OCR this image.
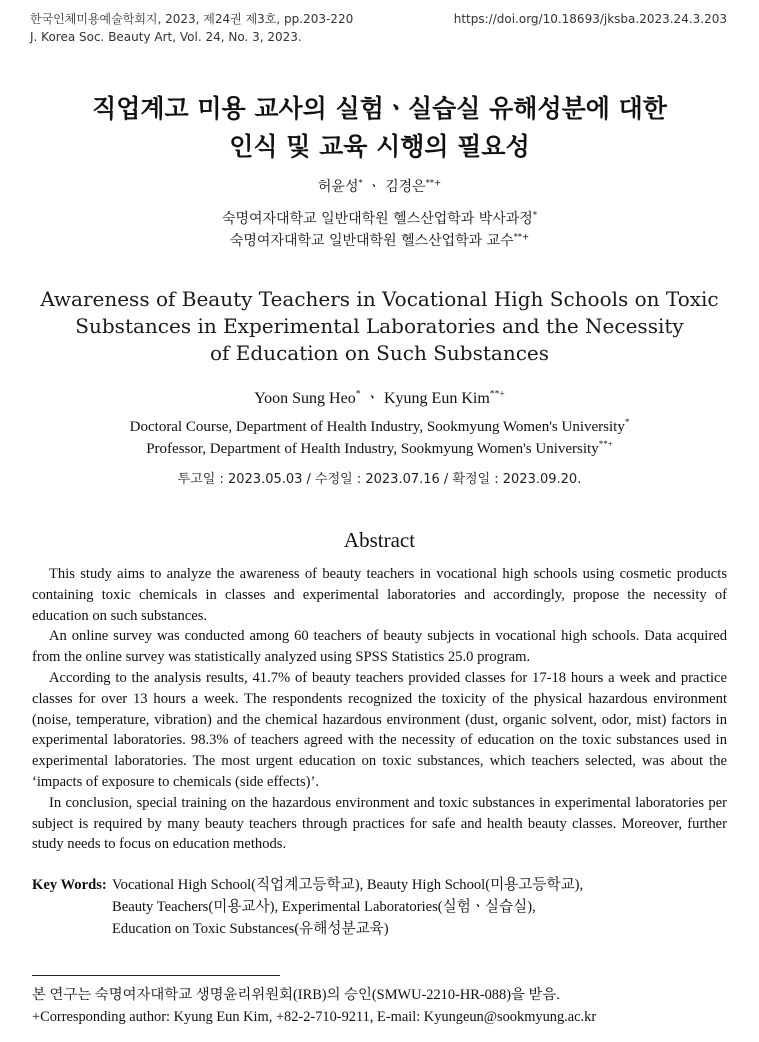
한국인체미용예술학회지, 2023, 제24권 제3호, pp.203-220
J. Korea Soc. Beauty Art, Vol. 24, No. 3, 2023.
https://doi.org/10.18693/jksba.2023.24.3.203
직업계고 미용 교사의 실험ㆍ실습실 유해성분에 대한
인식 및 교육 시행의 필요성
허윤성* ㆍ 김경은**+
숙명여자대학교 일반대학원 헬스산업학과 박사과정*
숙명여자대학교 일반대학원 헬스산업학과 교수**+
Awareness of Beauty Teachers in Vocational High Schools on Toxic
Substances in Experimental Laboratories and the Necessity
of Education on Such Substances
Yoon Sung Heo* ㆍ Kyung Eun Kim**+
Doctoral Course, Department of Health Industry, Sookmyung Women's University*
Professor, Department of Health Industry, Sookmyung Women's University**+
투고일 : 2023.05.03 / 수정일 : 2023.07.16 / 확정일 : 2023.09.20.
Abstract

This study aims to analyze the awareness of beauty teachers in vocational high schools using cosmetic products containing toxic chemicals in classes and experimental laboratories and accordingly, propose the necessity of education on such substances.

An online survey was conducted among 60 teachers of beauty subjects in vocational high schools. Data acquired from the online survey was statistically analyzed using SPSS Statistics 25.0 program.

According to the analysis results, 41.7% of beauty teachers provided classes for 17-18 hours a week and practice classes for over 13 hours a week. The respondents recognized the toxicity of the physical hazardous environment (noise, temperature, vibration) and the chemical hazardous environment (dust, organic solvent, odor, mist) factors in experimental laboratories. 98.3% of teachers agreed with the necessity of education on the toxic substances used in experimental laboratories. The most urgent education on toxic substances, which teachers selected, was about the ‘impacts of exposure to chemicals (side effects)’.

In conclusion, special training on the hazardous environment and toxic substances in experimental laboratories per subject is required by many beauty teachers through practices for safe and health beauty classes. Moreover, further study needs to focus on education methods.

Key Words: Vocational High School(직업계고등학교), Beauty High School(미용고등학교),
Beauty Teachers(미용교사), Experimental Laboratories(실험ㆍ실습실),
Education on Toxic Substances(유해성분교육)
본 연구는 숙명여자대학교 생명윤리위원회(IRB)의 승인(SMWU-2210-HR-088)을 받음.
+Corresponding author: Kyung Eun Kim, +82-2-710-9211, E-mail: Kyungeun@sookmyung.ac.kr
